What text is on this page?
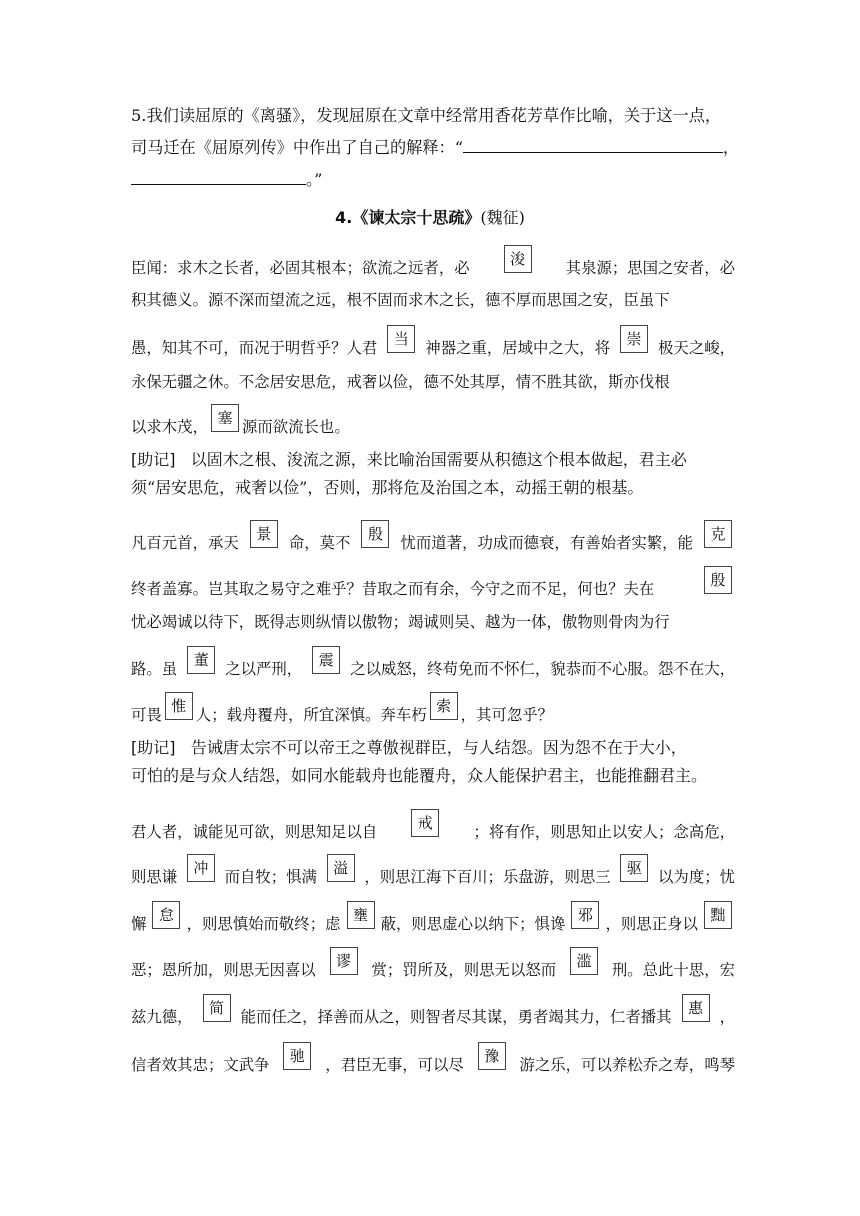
5.我们读屈原的《离骚》，发现屈原在文章中经常用香花芳草作比喻，关于这一点，
司马迁在《屈原列传》中作出了自己的解释：“	，
。”
4.《谏太宗十思疏》(魏征)
臣闻：求木之长者，必固其根本；欲流之远者，必	浚	其泉源；思国之安者，必
积其德义。源不深而望流之远，根不固而求木之长，德不厚而思国之安，臣虽下
愚，知其不可，而况于明哲乎？人君	当	神器之重，居域中之大，将	崇	极天之峻，
永保无疆之休。不念居安思危，戒奢以俭，德不处其厚，情不胜其欲，斯亦伐根
以求木茂， 塞 源而欲流长也。
[助记] 以固木之根、浚流之源，来比喻治国需要从积德这个根本做起，君主必
须“居安思危，戒奢以俭”，否则，那将危及治国之本，动摇王朝的根基。
凡百元首，承天	景	命，莫不	殷	忧而道著，功成而德衰，有善始者实繁，能	克
终者盖寡。岂其取之易守之难乎？昔取之而有余，今守之而不足，何也？夫在	殷
忧必竭诚以待下，既得志则纵情以傲物；竭诚则吴、越为一体，傲物则骨肉为行
路。虽	董	之以严刑，	震	之以威怒，终苟免而不怀仁，貌恭而不心服。怨不在大，
可畏 惟 人；载舟覆舟，所宜深慎。奔车朽 索 ，其可忽乎？
[助记] 告诫唐太宗不可以帝王之尊傲视群臣，与人结怨。因为怨不在于大小，
可怕的是与众人结怨，如同水能载舟也能覆舟，众人能保护君主，也能推翻君主。
君人者，诚能见可欲，则思知足以自	戒	；将有作，则思知止以安人；念高危，
则思谦	冲	而自牧；惧满	溢	，则思江海下百川；乐盘游，则思三	驱	以为度；忧
懈 怠 ，则思慎始而敬终；虑 壅 蔽，则思虚心以纳下；惧谗 邪 ，则思正身以 黜
恶；恩所加，则思无因喜以	谬	赏；罚所及，则思无以怒而	滥	刑。总此十思，宏
兹九德，	简	能而任之，择善而从之，则智者尽其谋，勇者竭其力，仁者播其	惠	，
信者效其忠；文武争	驰	，君臣无事，可以尽	豫	游之乐，可以养松乔之寿，鸣琴
